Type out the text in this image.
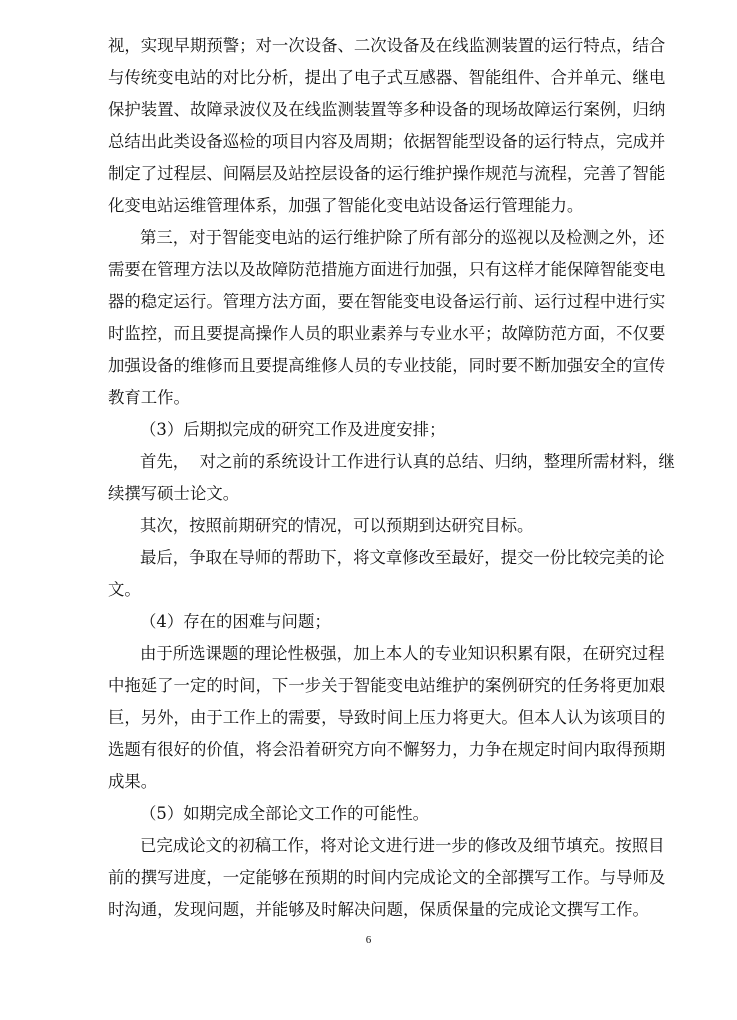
视，实现早期预警；对一次设备、二次设备及在线监测装置的运行特点，结合
与传统变电站的对比分析，提出了电子式互感器、智能组件、合并单元、继电
保护装置、故障录波仪及在线监测装置等多种设备的现场故障运行案例，归纳
总结出此类设备巡检的项目内容及周期；依据智能型设备的运行特点，完成并
制定了过程层、间隔层及站控层设备的运行维护操作规范与流程，完善了智能
化变电站运维管理体系，加强了智能化变电站设备运行管理能力。
第三，对于智能变电站的运行维护除了所有部分的巡视以及检测之外，还
需要在管理方法以及故障防范措施方面进行加强，只有这样才能保障智能变电
器的稳定运行。管理方法方面，要在智能变电设备运行前、运行过程中进行实
时监控，而且要提高操作人员的职业素养与专业水平；故障防范方面，不仅要
加强设备的维修而且要提高维修人员的专业技能，同时要不断加强安全的宣传
教育工作。
（3）后期拟完成的研究工作及进度安排；
首先，  对之前的系统设计工作进行认真的总结、归纳，整理所需材料，继
续撰写硕士论文。
其次，按照前期研究的情况，可以预期到达研究目标。
最后，争取在导师的帮助下，将文章修改至最好，提交一份比较完美的论
文。
（4）存在的困难与问题；
由于所选课题的理论性极强，加上本人的专业知识积累有限，在研究过程
中拖延了一定的时间，下一步关于智能变电站维护的案例研究的任务将更加艰
巨，另外，由于工作上的需要，导致时间上压力将更大。但本人认为该项目的
选题有很好的价值，将会沿着研究方向不懈努力，力争在规定时间内取得预期
成果。
（5）如期完成全部论文工作的可能性。
已完成论文的初稿工作，将对论文进行进一步的修改及细节填充。按照目
前的撰写进度，一定能够在预期的时间内完成论文的全部撰写工作。与导师及
时沟通，发现问题，并能够及时解决问题，保质保量的完成论文撰写工作。
6
